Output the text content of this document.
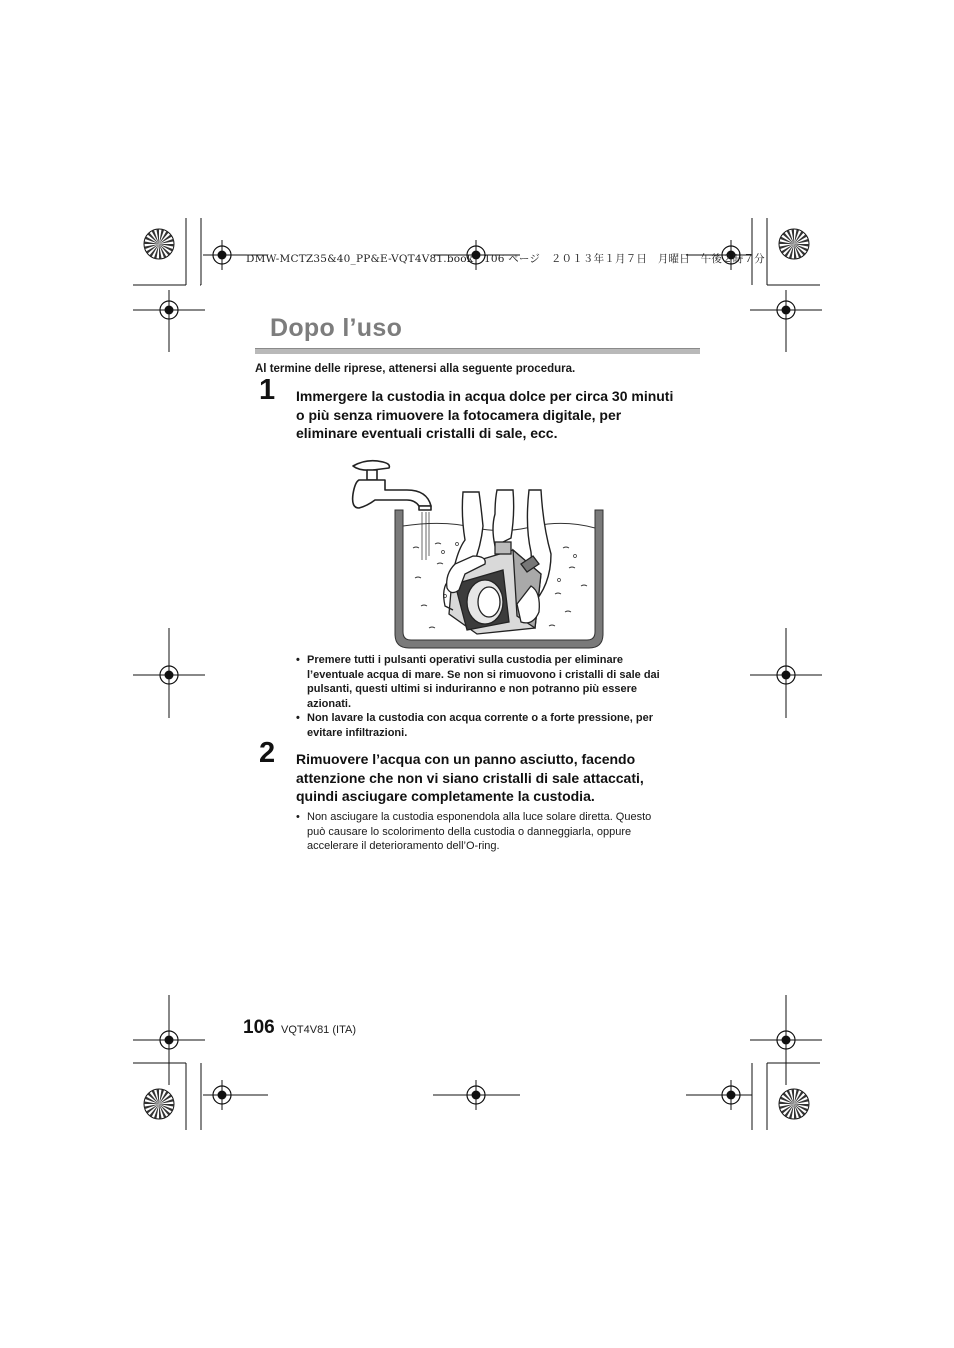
DMW-MCTZ35&40_PP&E-VQT4V81.book　106 ページ　２０１３年１月７日　月曜日　午後２時７分
Dopo l’uso
Al termine delle riprese, attenersi alla seguente procedura.
1 Immergere la custodia in acqua dolce per circa 30 minuti
o più senza rimuovere la fotocamera digitale, per
eliminare eventuali cristalli di sale, ecc.
• Premere tutti i pulsanti operativi sulla custodia per eliminare
l’eventuale acqua di mare. Se non si rimuovono i cristalli di sale dai
pulsanti, questi ultimi si induriranno e non potranno più essere
azionati.
• Non lavare la custodia con acqua corrente o a forte pressione, per
evitare infiltrazioni.
2 Rimuovere l’acqua con un panno asciutto, facendo
attenzione che non vi siano cristalli di sale attaccati,
quindi asciugare completamente la custodia.
• Non asciugare la custodia esponendola alla luce solare diretta. Questo
può causare lo scolorimento della custodia o danneggiarla, oppure
accelerare il deterioramento dell’O-ring.
106 VQT4V81 (ITA)
